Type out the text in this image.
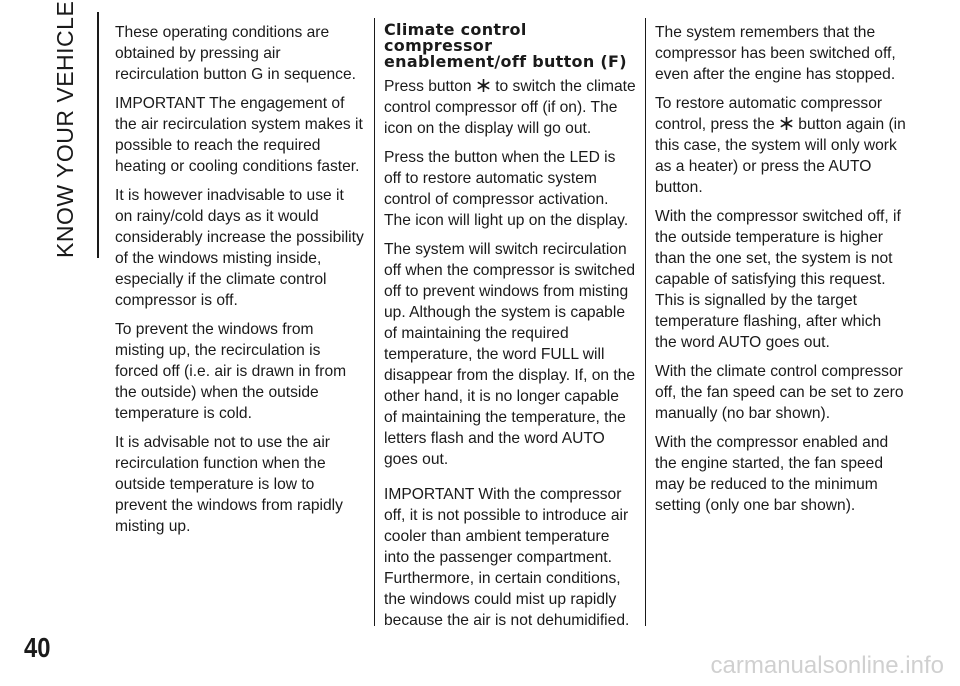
KNOW YOUR VEHICLE
40

These operating conditions are obtained by pressing air recirculation button G in sequence.

IMPORTANT The engagement of the air recirculation system makes it possible to reach the required heating or cooling conditions faster.

It is however inadvisable to use it on rainy/cold days as it would considerably increase the possibility of the windows misting inside, especially if the climate control compressor is off.

To prevent the windows from misting up, the recirculation is forced off (i.e. air is drawn in from the outside) when the outside temperature is cold.

It is advisable not to use the air recirculation function when the outside temperature is low to prevent the windows from rapidly misting up.

Climate control compressor enablement/off button (F)

Press button  to switch the climate control compressor off (if on). The icon on the display will go out.

Press the button when the LED is off to restore automatic system control of compressor activation. The icon will light up on the display.

The system will switch recirculation off when the compressor is switched off to prevent windows from misting up. Although the system is capable of maintaining the required temperature, the word FULL will disappear from the display. If, on the other hand, it is no longer capable of maintaining the temperature, the letters flash and the word AUTO goes out.

IMPORTANT With the compressor off, it is not possible to introduce air cooler than ambient temperature into the passenger compartment. Furthermore, in certain conditions, the windows could mist up rapidly because the air is not dehumidified.

The system remembers that the compressor has been switched off, even after the engine has stopped.

To restore automatic compressor control, press the  button again (in this case, the system will only work as a heater) or press the AUTO button.

With the compressor switched off, if the outside temperature is higher than the one set, the system is not capable of satisfying this request. This is signalled by the target temperature flashing, after which the word AUTO goes out.

With the climate control compressor off, the fan speed can be set to zero manually (no bar shown).

With the compressor enabled and the engine started, the fan speed may be reduced to the minimum setting (only one bar shown).

carmanualsonline.info
